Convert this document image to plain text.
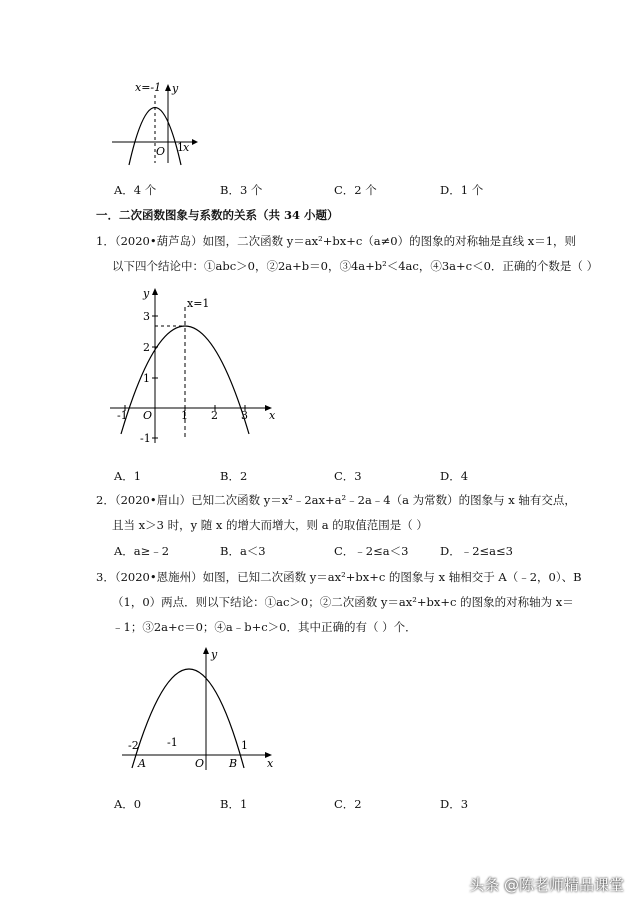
x=-1 y
O 1 x
A．4 个	B．3 个	C．2 个	D．1 个
一．二次函数图象与系数的关系（共 34 小题）
1．（2020•葫芦岛）如图，二次函数 y＝ax²+bx+c（a≠0）的图象的对称轴是直线 x＝1，则
以下四个结论中：①abc＞0，②2a+b＝0，③4a+b²＜4ac，④3a+c＜0．正确的个数是（ ）
y
x=1
3
2
1
-1
-1 O	1 2 3 x
A．1	B．2	C．3	D．4
2．（2020•眉山）已知二次函数 y＝x²﹣2ax+a²﹣2a﹣4（a 为常数）的图象与 x 轴有交点，
且当 x＞3 时，y 随 x 的增大而增大，则 a 的取值范围是（ ）
A．a≥﹣2	B．a＜3	C．﹣2≤a＜3	D．﹣2≤a≤3
3．（2020•恩施州）如图，已知二次函数 y＝ax²+bx+c 的图象与 x 轴相交于 A（﹣2，0）、B
（1，0）两点．则以下结论：①ac＞0；②二次函数 y＝ax²+bx+c 的图象的对称轴为 x＝
﹣1；③2a+c＝0；④a﹣b+c＞0．其中正确的有（ ）个．
y
-2	-1	1
A	O B	x
A．0	B．1	C．2	D．3
头条 @陈老师精品课堂
